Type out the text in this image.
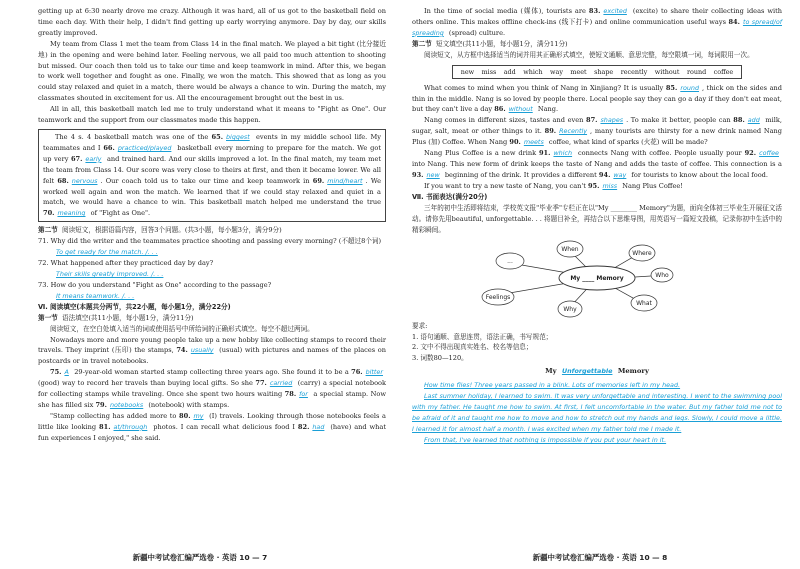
getting up at 6:30 nearly drove me crazy. Although it was hard, all of us got to the basketball field on time each day. With their help, I didn't find getting up early worrying anymore. Day by day, our skills greatly improved.

My team from Class 1 met the team from Class 14 in the final match. We played a bit tight (比分接近地) in the opening and were behind later. Feeling nervous, we all paid too much attention to shooting but missed. Our coach then told us to take our time and keep teamwork in mind. After this, we began to work well together and fought as one. Finally, we won the match. This showed that as long as you could stay relaxed and quiet in a match, there would be always a chance to win. During the match, my classmates shouted in excitement for us. All the encouragement brought out the best in us.

All in all, this basketball match led me to truly understand what it means to "Fight as One". Our teamwork and the support from our classmates made this happen.

The 4 s. 4 basketball match was one of the 65. biggest events in my middle school life. My teammates and I 66. practiced/played basketball every morning to prepare for the match. We got up very 67. early and trained hard. And our skills improved a lot. In the final match, my team met the team from Class 14. Our score was very close to theirs at first, and then it became lower. We all felt 68. nervous . Our coach told us to take our time and keep teamwork in 69. mind/heart . We worked well again and won the match. We learned that if we could stay relaxed and quiet in a match, we would have a chance to win. This basketball match helped me understand the true 70. meaning of "Fight as One".

第二节 阅读短文，根据语篇内容，回答3个问题。(共3小题，每小题3分，满分9分)

71. Why did the writer and the teammates practice shooting and passing every morning? (不超过8个词)

To get ready for the match. /. . .

72. What happened after they practiced day by day?

Their skills greatly improved. /. . .

73. How do you understand "Fight as One" according to the passage?

It means teamwork. /. . .

Ⅵ. 阅读填空(本题共分两节，共22小题，每小题1分，满分22分)

第一节 语法填空(共11小题，每小题1分，满分11分)

阅读短文，在空白处填入适当的词或使用括号中所给词的正确形式填空。每空不超过两词。

Nowadays more and more young people take up a new hobby like collecting stamps to record their travels. They imprint (压印) the stamps, 74. usually (usual) with pictures and names of the places on postcards or in travel notebooks.

75. A 29-year-old woman started stamp collecting three years ago. She found it to be a 76. bitter (good) way to record her travels than buying local gifts. So she 77. carried (carry) a special notebook for collecting stamps while traveling. Once she spent two hours waiting 78. for a special stamp. Now she has filled six 79. notebooks (notebook) with stamps.

"Stamp collecting has added more to 80. my (I) travels. Looking through those notebooks feels a little like looking 81. at/through photos. I can recall what delicious food I 82. had (have) and what fun experiences I enjoyed," she said.

新疆中考试卷汇编严选卷 · 英语 10 — 7

In the time of social media (媒体), tourists are 83. excited (excite) to share their collecting ideas with others online. This makes offline check-ins (线下打卡) and online communication useful ways 84. to spread/of spreading (spread) culture.

第二节 短文填空(共11小题，每小题1分，满分11分)

阅读短文，从方框中选择适当的词并用其正确形式填空，使短文通顺、意思完整，每空限填一词，每词限用一次。

new miss add which way meet shape recently without round coffee

What comes to mind when you think of Nang in Xinjiang? It is usually 85. round , thick on the sides and thin in the middle. Nang is so loved by people there. Local people say they can go a day if they don't eat meat, but they can't live a day 86. without Nang.

Nang comes in different sizes, tastes and even 87. shapes . To make it better, people can 88. add milk, sugar, salt, meat or other things to it. 89. Recently , many tourists are thirsty for a new drink named Nang Plus (加) Coffee. When Nang 90. meets coffee, what kind of sparks (火花) will be made?

Nang Plus Coffee is a new drink 91. which connects Nang with coffee. People usually pour 92. coffee into Nang. This new form of drink keeps the taste of Nang and adds the taste of coffee. This connection is a 93. new beginning of the drink. It provides a different 94. way for tourists to know about the local food.

If you want to try a new taste of Nang, you can't 95. miss Nang Plus Coffee!

Ⅶ. 书面表达(满分20分)

三年的初中生活即将结束，学校英文报"毕业季"专栏正在以"My ________ Memory"为题，面向全体初三毕业生开展征文活动。请你先用beautiful, unforgettable. . . 将题目补全，再结合以下思维导图，用英语写一篇短文投稿，记录你初中生活中的精彩瞬间。

My ____ Memory
...
When
Where
Who
Feelings
Why
What

要求:

1. 语句通顺、意思连贯，语法正确，书写规范；

2. 文中不得出现真实姓名、校名等信息；

3. 词数80—120。

My Unforgettable Memory

How time flies! Three years passed in a blink. Lots of memories left in my head.

Last summer holiday, I learned to swim. It was very unforgettable and interesting. I went to the swimming pool with my father. He taught me how to swim. At first, I felt uncomfortable in the water. But my father told me not to be afraid of it and taught me how to move and how to stretch out my hands and legs. Slowly, I could move a little. I learned it for almost half a month. I was excited when my father told me I made it.

From that, I've learned that nothing is impossible if you put your heart in it.

新疆中考试卷汇编严选卷 · 英语 10 — 8
